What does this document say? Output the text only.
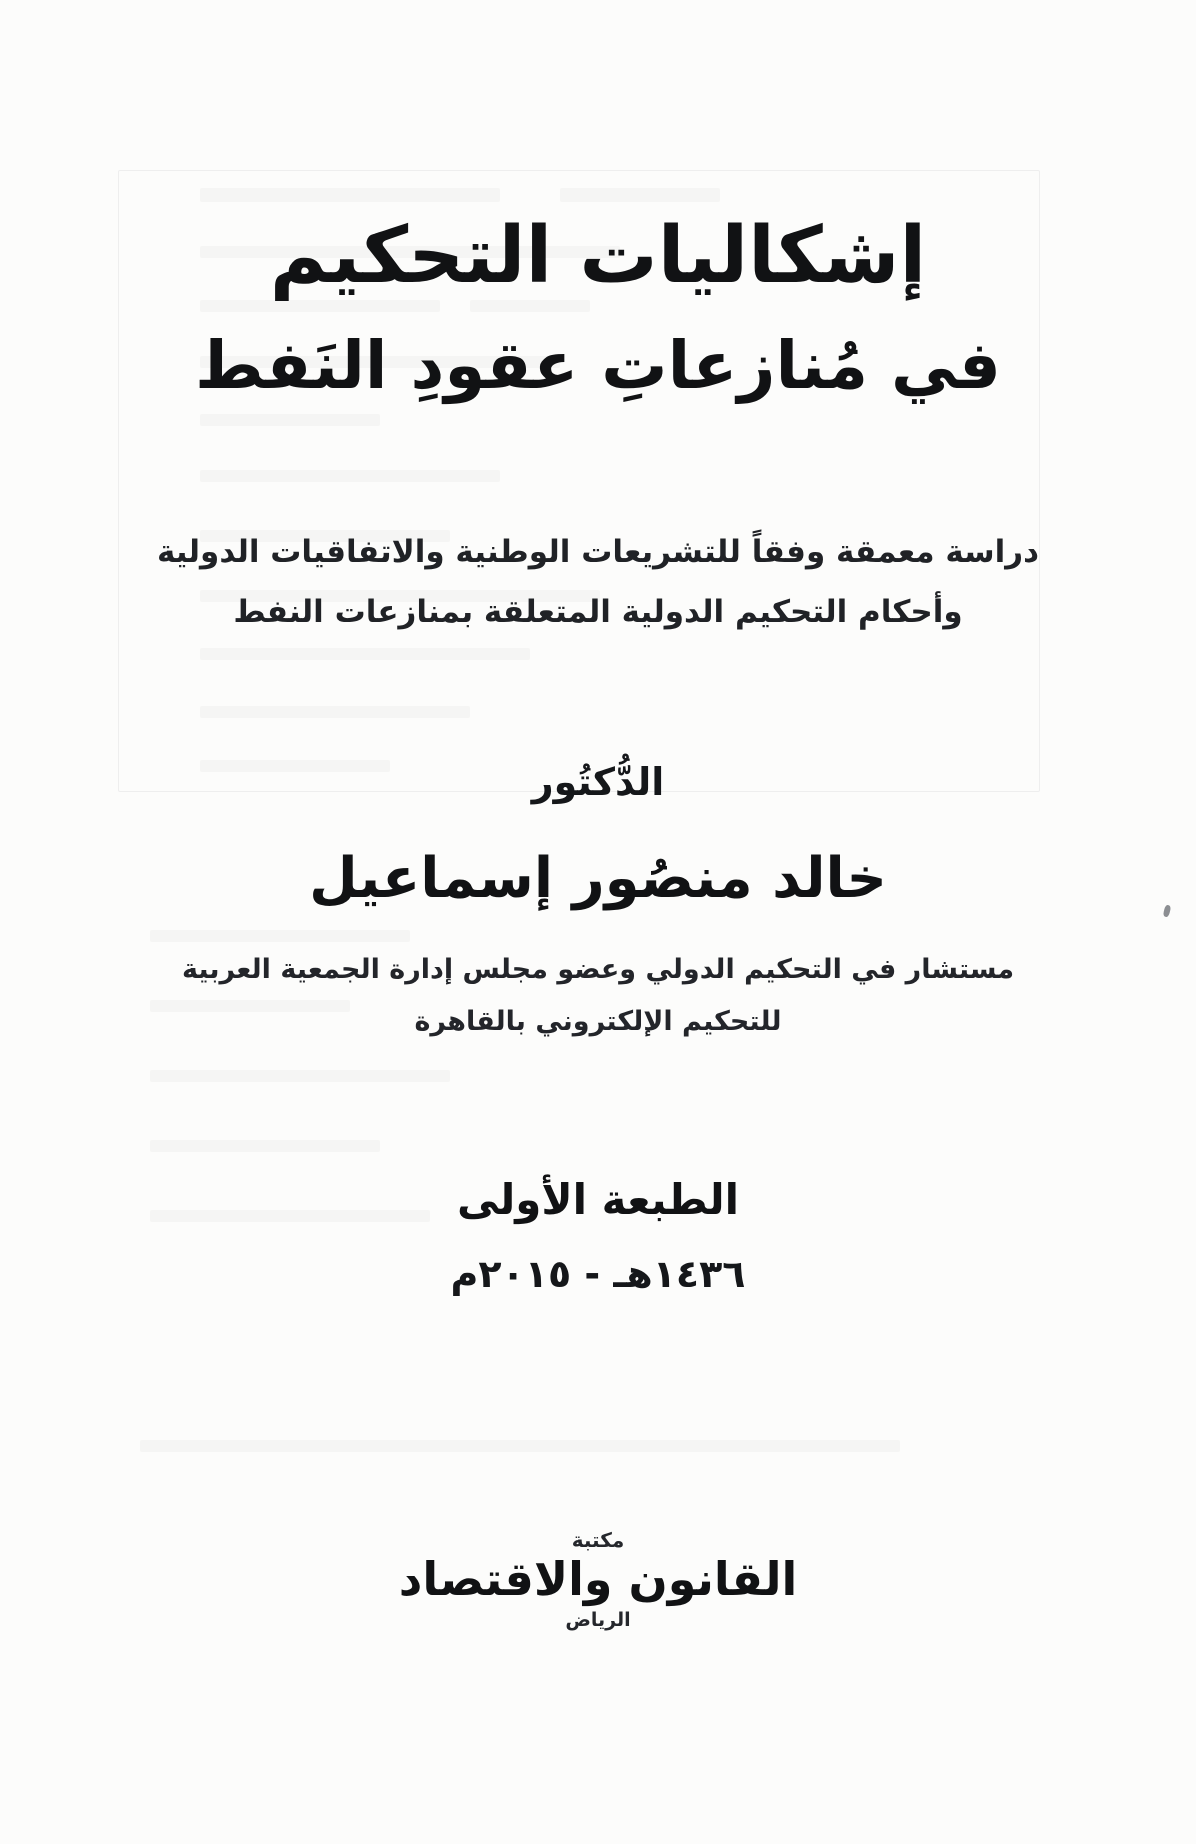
إشكاليات التحكيم
في مُنازعاتِ عقودِ النَفط
دراسة معمقة وفقاً للتشريعات الوطنية والاتفاقيات الدولية
وأحكام التحكيم الدولية المتعلقة بمنازعات النفط
الدُّكتُور
خالد منصُور إسماعيل
مستشار في التحكيم الدولي وعضو مجلس إدارة الجمعية العربية
للتحكيم الإلكتروني بالقاهرة
الطبعة الأولى
١٤٣٦هـ - ٢٠١٥م
مكتبة
القانون والاقتصاد
الرياض
